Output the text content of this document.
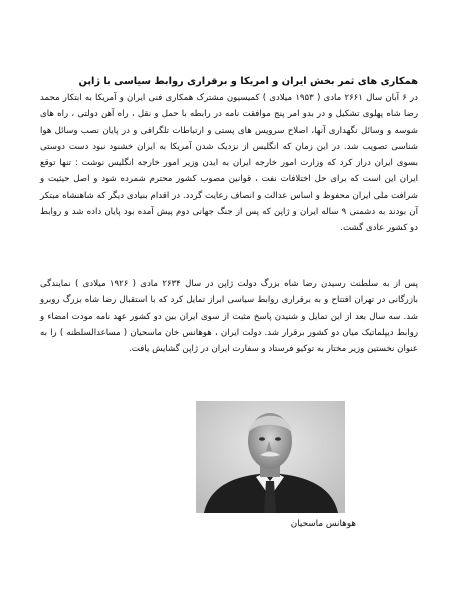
همکاری های ثمر بخش ایران و آمریکا و برقراری روابط سیاسی با ژاپن

در ۶ آبان سال ۲۶۶۱ مادی ( ۱۹۵۳ میلادی ) کمیسیون مشترک همکاری فنی ایران و آمریکا به ابتکار محمد رضا شاه پهلوی تشکیل و در بدو امر پنج موافقت نامه در رابطه با حمل و نقل ، راه آهن دولتی ، راه های شوسه و وسائل نگهداری آنها، اصلاح سرویس های پستی و ارتباطات تلگرافی و در پایان نصب وسائل هوا شناسی تصویب شد. در این زمان که انگلیس از نزدیک شدن آمریکا به ایران خشنود نبود دست دوستی بسوی ایران دراز کرد که وزارت امور خارجه ایران به ایدن وزیر امور خارجه انگلیس نوشت : تنها توقع ایران این است که برای حل اختلافات نفت ، قوانین مصوب کشور محترم شمرده شود و اصل حیثیت و شرافت ملی ایران محفوظ و اساس عدالت و انصاف رعایت گردد. در اقدام بنیادی دیگر که شاهنشاه مبتکر آن بودند به دشمنی ۹ ساله ایران و ژاپن که پس از جنگ جهانی دوم پیش آمده بود پایان داده شد و روابط دو کشور عادی گشت.

پس از به سلطنت رسیدن رضا شاه بزرگ دولت ژاپن در سال ۲۶۳۴ مادی ( ۱۹۲۶ میلادی ) نمایندگی بازرگانی در تهران افتتاح و به برقراری روابط سیاسی ابراز تمایل کرد که با استقبال رضا شاه بزرگ روبرو شد. سه سال بعد از این تمایل و شنیدن پاسخ مثبت از سوی ایران بین دو کشور عهد نامه مودت امضاء و روابط دیپلماتیک میان دو کشور برقرار شد. دولت ایران ، هوهانس خان ماسحیان ( مساعدالسلطنه ) را به عنوان نخستین وزیر مختار به توکیو فرستاد و سفارت ایران در ژاپن گشایش یافت.

هوهانس ماسحیان
